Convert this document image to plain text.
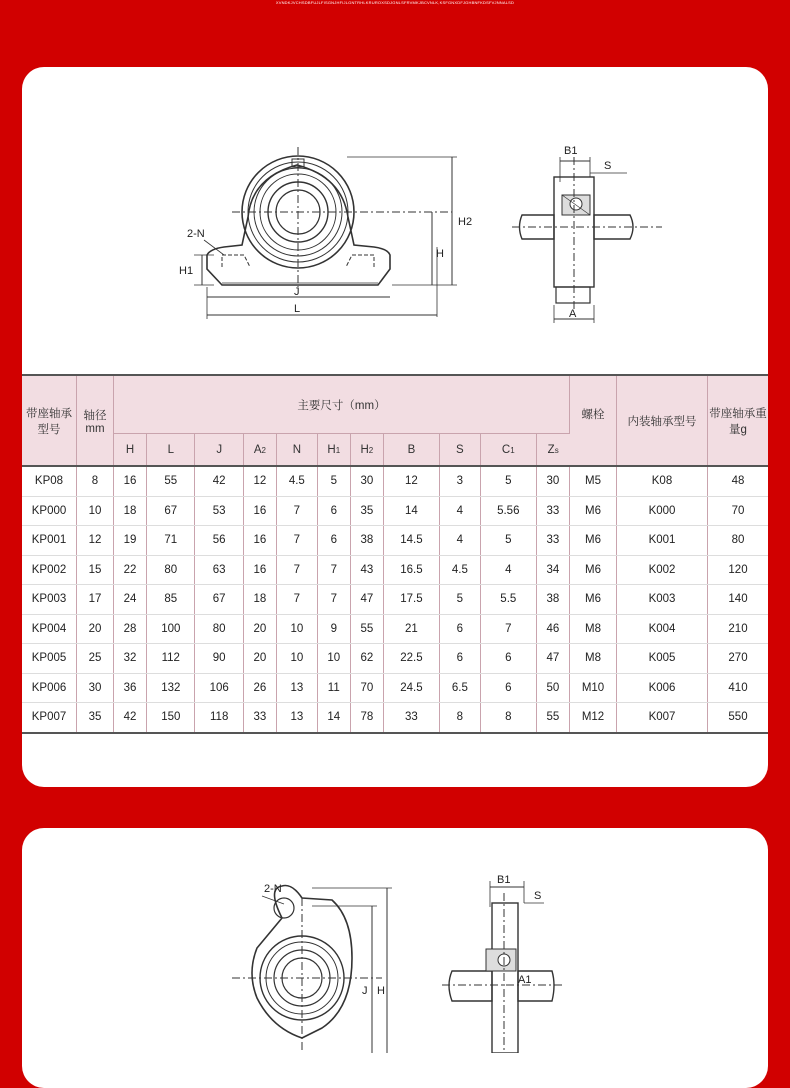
XVNDKJVCHSDBFUJLFISGNJHFIJLGNTRHLKRUROXSDJGNLSFRVMKJBCVNLK,KSFGNXDFJGHBNFKDSFVJNNALSD
2-N
H1
J
L
H
H2
B1
S
A
带座轴承型号	轴径mm	主要尺寸（mm）											螺栓	内装轴承型号	带座轴承重量g
		H	L	J	A2	N	H1	H2	B	S	C1	Zs			
KP08	8	16	55	42	12	4.5	5	30	12	3	5	30	M5	K08	48
KP000	10	18	67	53	16	7	6	35	14	4	5.56	33	M6	K000	70
KP001	12	19	71	56	16	7	6	38	14.5	4	5	33	M6	K001	80
KP002	15	22	80	63	16	7	7	43	16.5	4.5	4	34	M6	K002	120
KP003	17	24	85	67	18	7	7	47	17.5	5	5.5	38	M6	K003	140
KP004	20	28	100	80	20	10	9	55	21	6	7	46	M8	K004	210
KP005	25	32	112	90	20	10	10	62	22.5	6	6	47	M8	K005	270
KP006	30	36	132	106	26	13	11	70	24.5	6.5	6	50	M10	K006	410
KP007	35	42	150	118	33	13	14	78	33	8	8	55	M12	K007	550
2-N
J H
B1
S
A1
